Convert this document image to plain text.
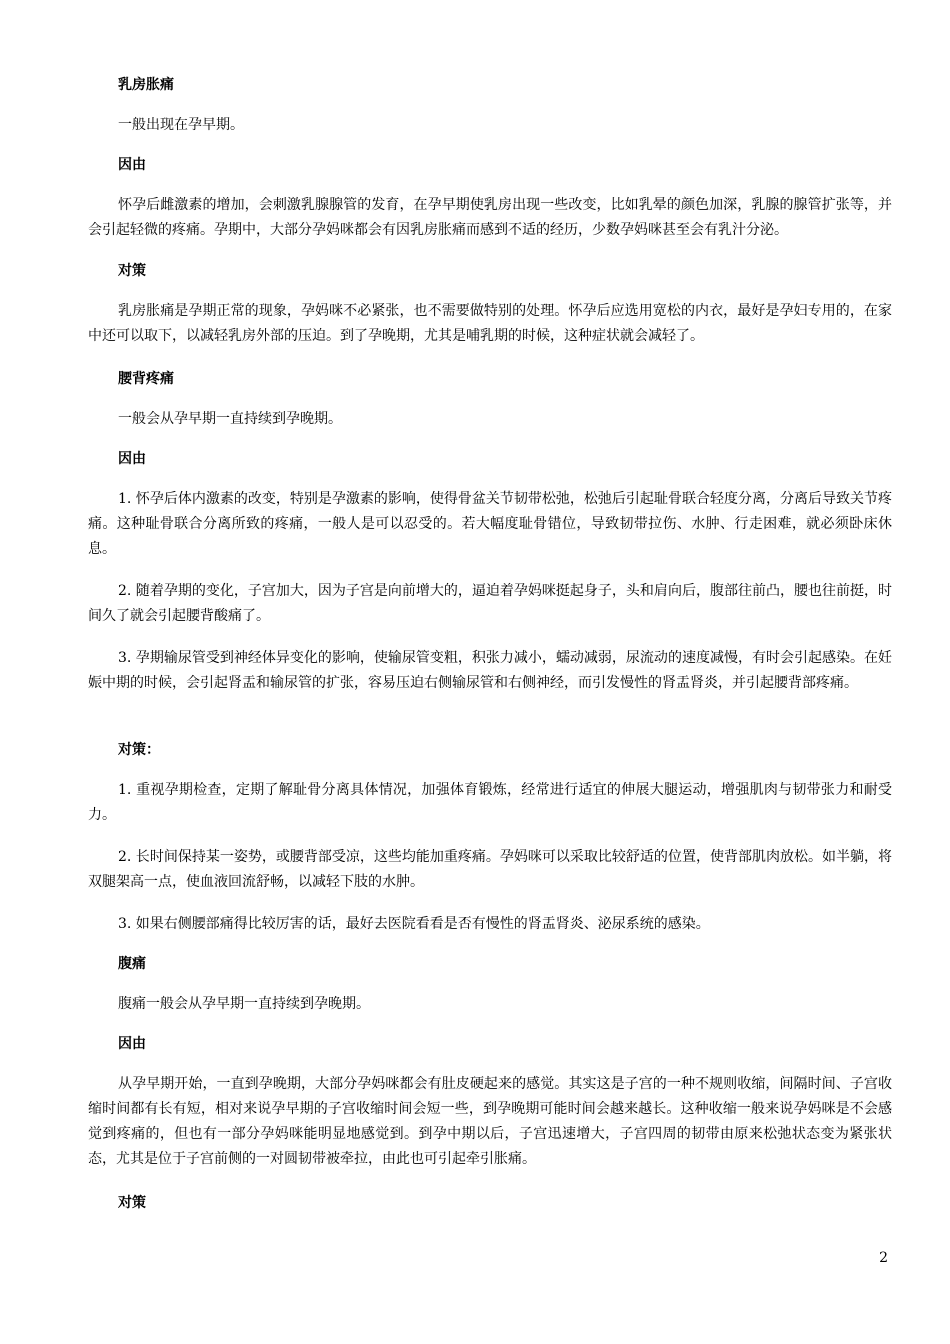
乳房胀痛

一般出现在孕早期。

因由

怀孕后雌激素的增加，会刺激乳腺腺管的发育，在孕早期使乳房出现一些改变，比如乳晕的颜色加深，乳腺的腺管扩张等，并会引起轻微的疼痛。孕期中，大部分孕妈咪都会有因乳房胀痛而感到不适的经历，少数孕妈咪甚至会有乳汁分泌。

对策

乳房胀痛是孕期正常的现象，孕妈咪不必紧张，也不需要做特别的处理。怀孕后应选用宽松的内衣，最好是孕妇专用的，在家中还可以取下，以减轻乳房外部的压迫。到了孕晚期，尤其是哺乳期的时候，这种症状就会减轻了。

腰背疼痛

一般会从孕早期一直持续到孕晚期。

因由

1. 怀孕后体内激素的改变，特别是孕激素的影响，使得骨盆关节韧带松弛，松弛后引起耻骨联合轻度分离，分离后导致关节疼痛。这种耻骨联合分离所致的疼痛，一般人是可以忍受的。若大幅度耻骨错位，导致韧带拉伤、水肿、行走困难，就必须卧床休息。

2. 随着孕期的变化，子宫加大，因为子宫是向前增大的，逼迫着孕妈咪挺起身子，头和肩向后，腹部往前凸，腰也往前挺，时间久了就会引起腰背酸痛了。

3. 孕期输尿管受到神经体异变化的影响，使输尿管变粗，积张力减小，蠕动减弱，尿流动的速度减慢，有时会引起感染。在妊娠中期的时候，会引起肾盂和输尿管的扩张，容易压迫右侧输尿管和右侧神经，而引发慢性的肾盂肾炎，并引起腰背部疼痛。

对策：

1. 重视孕期检查，定期了解耻骨分离具体情况，加强体育锻炼，经常进行适宜的伸展大腿运动，增强肌肉与韧带张力和耐受力。

2. 长时间保持某一姿势，或腰背部受凉，这些均能加重疼痛。孕妈咪可以采取比较舒适的位置，使背部肌肉放松。如半躺，将双腿架高一点，使血液回流舒畅，以减轻下肢的水肿。

3. 如果右侧腰部痛得比较厉害的话，最好去医院看看是否有慢性的肾盂肾炎、泌尿系统的感染。

腹痛

腹痛一般会从孕早期一直持续到孕晚期。

因由

从孕早期开始，一直到孕晚期，大部分孕妈咪都会有肚皮硬起来的感觉。其实这是子宫的一种不规则收缩，间隔时间、子宫收缩时间都有长有短，相对来说孕早期的子宫收缩时间会短一些，到孕晚期可能时间会越来越长。这种收缩一般来说孕妈咪是不会感觉到疼痛的，但也有一部分孕妈咪能明显地感觉到。到孕中期以后，子宫迅速增大，子宫四周的韧带由原来松弛状态变为紧张状态，尤其是位于子宫前侧的一对圆韧带被牵拉，由此也可引起牵引胀痛。

对策

2
